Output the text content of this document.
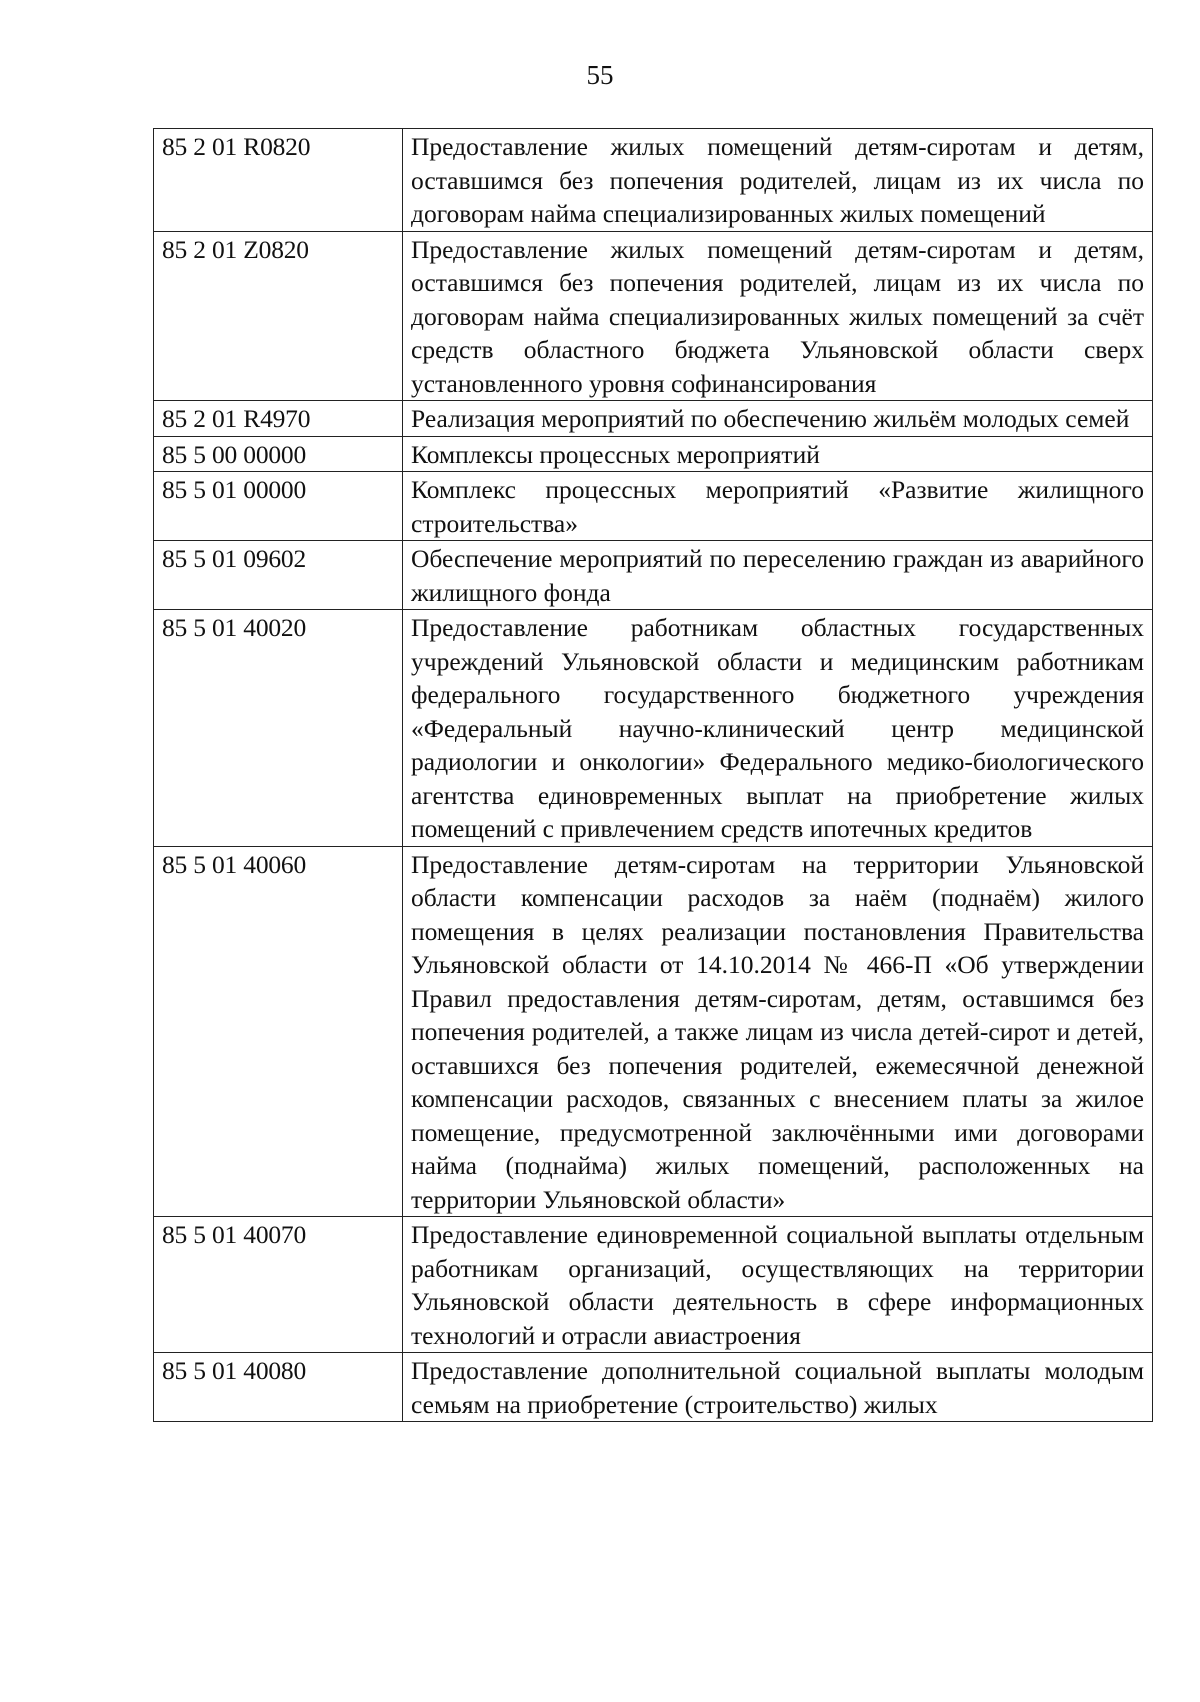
55
85 2 01 R0820	Предоставление жилых помещений детям-сиротам и детям, оставшимся без попечения родителей, лицам из их числа по договорам найма специализированных жилых помещений
85 2 01 Z0820	Предоставление жилых помещений детям-сиротам и детям, оставшимся без попечения родителей, лицам из их числа по договорам найма специализированных жилых помещений за счёт средств областного бюджета Ульяновской области сверх установленного уровня софинансирования
85 2 01 R4970	Реализация мероприятий по обеспечению жильём молодых семей
85 5 00 00000	Комплексы процессных мероприятий
85 5 01 00000	Комплекс процессных мероприятий «Развитие жилищного строительства»
85 5 01 09602	Обеспечение мероприятий по переселению граждан из аварийного жилищного фонда
85 5 01 40020	Предоставление работникам областных государственных учреждений Ульяновской области и медицинским работникам федерального государственного бюджетного учреждения «Федеральный научно-клинический центр медицинской радиологии и онкологии» Федерального медико-биологического агентства единовременных выплат на приобретение жилых помещений с привлечением средств ипотечных кредитов
85 5 01 40060	Предоставление детям-сиротам на территории Ульяновской области компенсации расходов за наём (поднаём) жилого помещения в целях реализации постановления Правительства Ульяновской области от 14.10.2014 № 466-П «Об утверждении Правил предоставления детям-сиротам, детям, оставшимся без попечения родителей, а также лицам из числа детей-сирот и детей, оставшихся без попечения родителей, ежемесячной денежной компенсации расходов, связанных с внесением платы за жилое помещение, предусмотренной заключёнными ими договорами найма (поднайма) жилых помещений, расположенных на территории Ульяновской области»
85 5 01 40070	Предоставление единовременной социальной выплаты отдельным работникам организаций, осуществляющих на территории Ульяновской области деятельность в сфере информационных технологий и отрасли авиастроения
85 5 01 40080	Предоставление дополнительной социальной выплаты молодым семьям на приобретение (строительство) жилых
